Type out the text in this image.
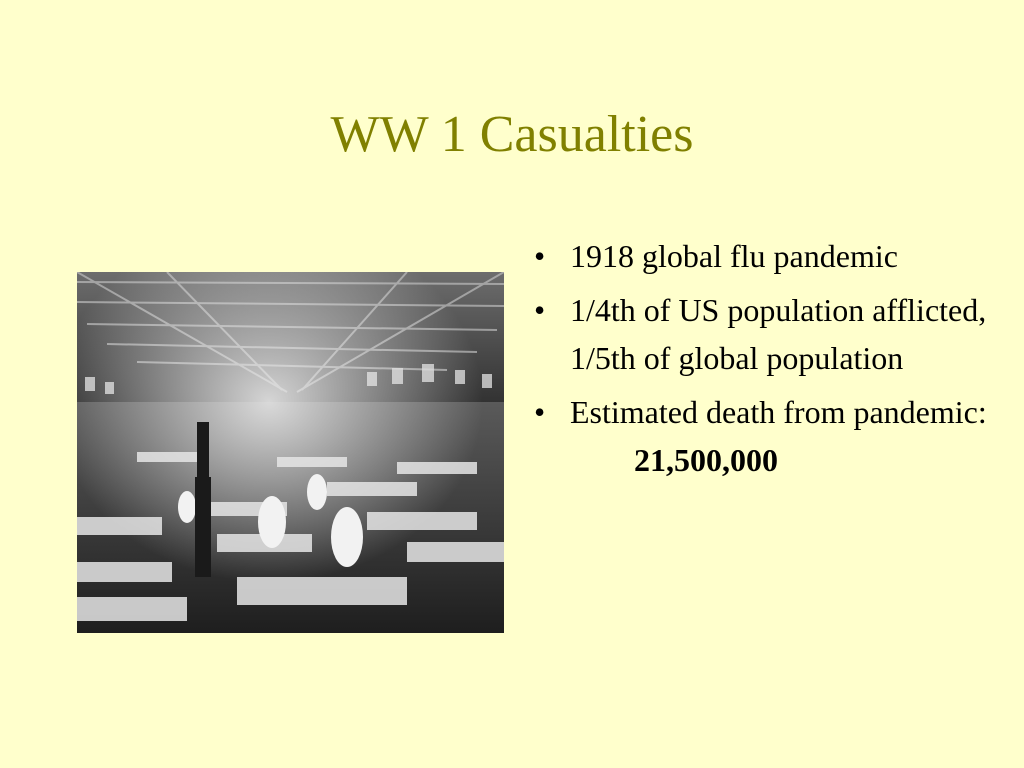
WW 1 Casualties
• 1918 global flu pandemic
• 1/4th of US population afflicted, 1/5th of global population
• Estimated death from pandemic:
21,500,000
